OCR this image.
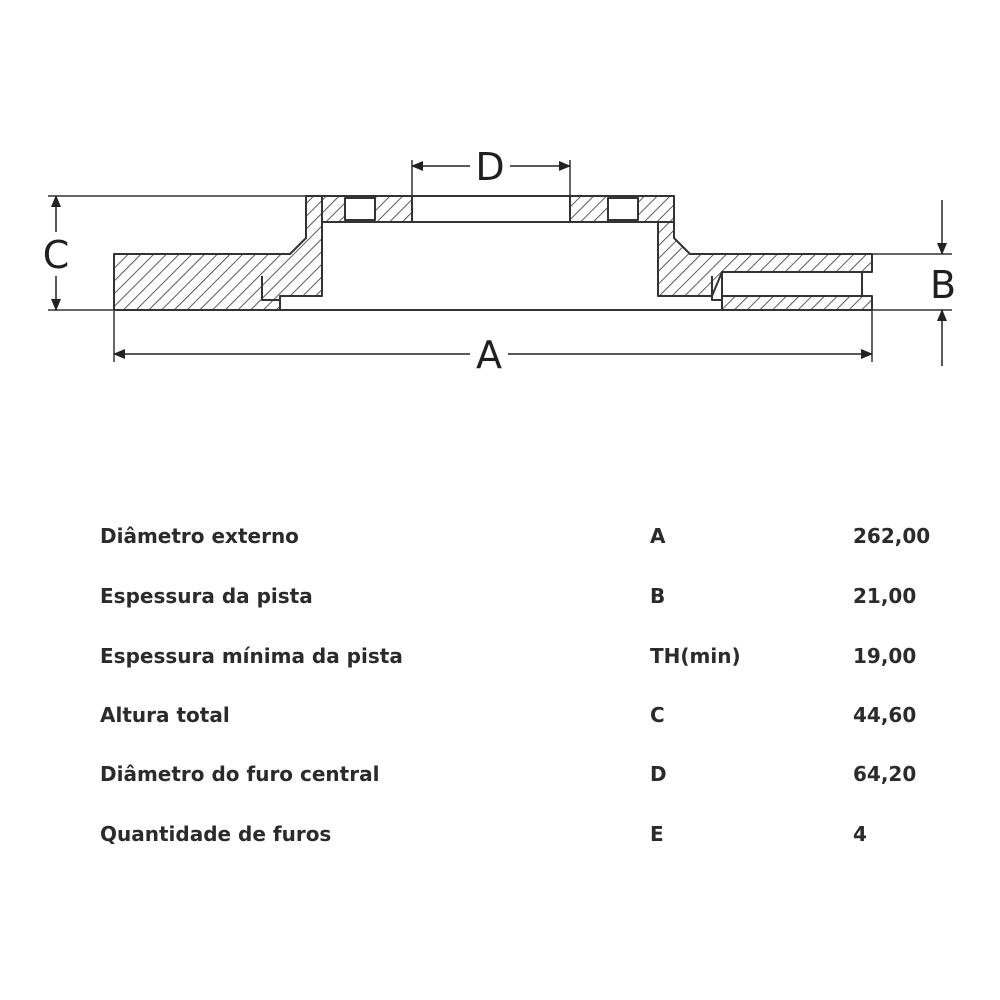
A
C
D
B
Diâmetro externo	A	262,00
Espessura da pista	B	21,00
Espessura mínima da pista	TH(min)	19,00
Altura total	C	44,60
Diâmetro do furo central	D	64,20
Quantidade de furos	E	4
